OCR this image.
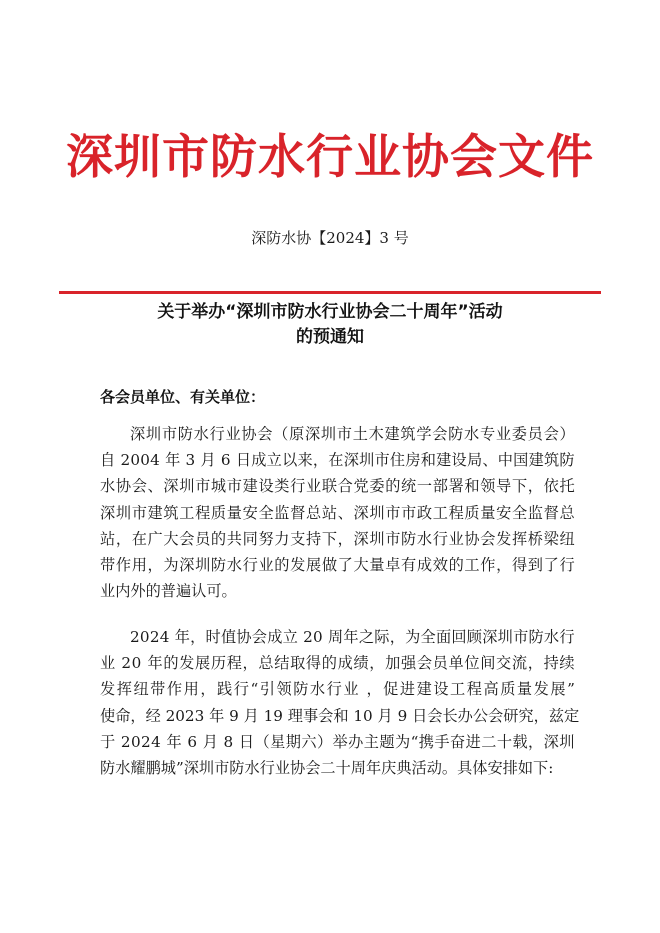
深圳市防水行业协会文件
深防水协【2024】3 号
关于举办“深圳市防水行业协会二十周年”活动
的预通知
各会员单位、有关单位：
深 圳 市 防 水 行 业 协 会 （ 原 深 圳 市 土 木 建 筑 学 会 防 水 专 业 委 员 会 ）
自
2 0 0 4
年
3
月
6
日 成 立 以 来 ， 在 深 圳 市 住 房 和 建 设 局 、 中 国 建 筑 防
水 协 会 、 深 圳 市 城 市 建 设 类 行 业 联 合 党 委 的 统 一 部 署 和 领 导 下 ， 依 托
深 圳 市 建 筑 工 程 质 量 安 全 监 督 总 站 、 深 圳 市 市 政 工 程 质 量 安 全 监 督 总
站 ， 在 广 大 会 员 的 共 同 努 力 支 持 下 ， 深 圳 市 防 水 行 业 协 会 发 挥 桥 梁 纽
带 作 用 ， 为 深 圳 防 水 行 业 的 发 展 做 了 大 量 卓 有 成 效 的 工 作 ， 得 到 了 行
业内外的普遍认可。
2 0 2 4
年 ， 时 值 协 会 成 立
2 0
周 年 之 际 ， 为 全 面 回 顾 深 圳 市 防 水 行
业
2 0
年 的 发 展 历 程 ， 总 结 取 得 的 成 绩 ， 加 强 会 员 单 位 间 交 流 ， 持 续
发 挥 纽 带 作 用 ， 践 行 “ 引 领 防 水 行 业
， 促 进 建 设 工 程 高 质 量 发 展 ”
使 命 ， 经
2 0 2 3
年
9
月
1 9
理 事 会 和
1 0
月
9
日 会 长 办 公 会 研 究 ， 兹 定
于
2 0 2 4
年
6
月
8
日 （ 星 期 六 ） 举 办 主 题 为 “ 携 手 奋 进 二 十 载 ， 深 圳
防水耀鹏城”深圳市防水行业协会二十周年庆典活动。具体安排如下:
